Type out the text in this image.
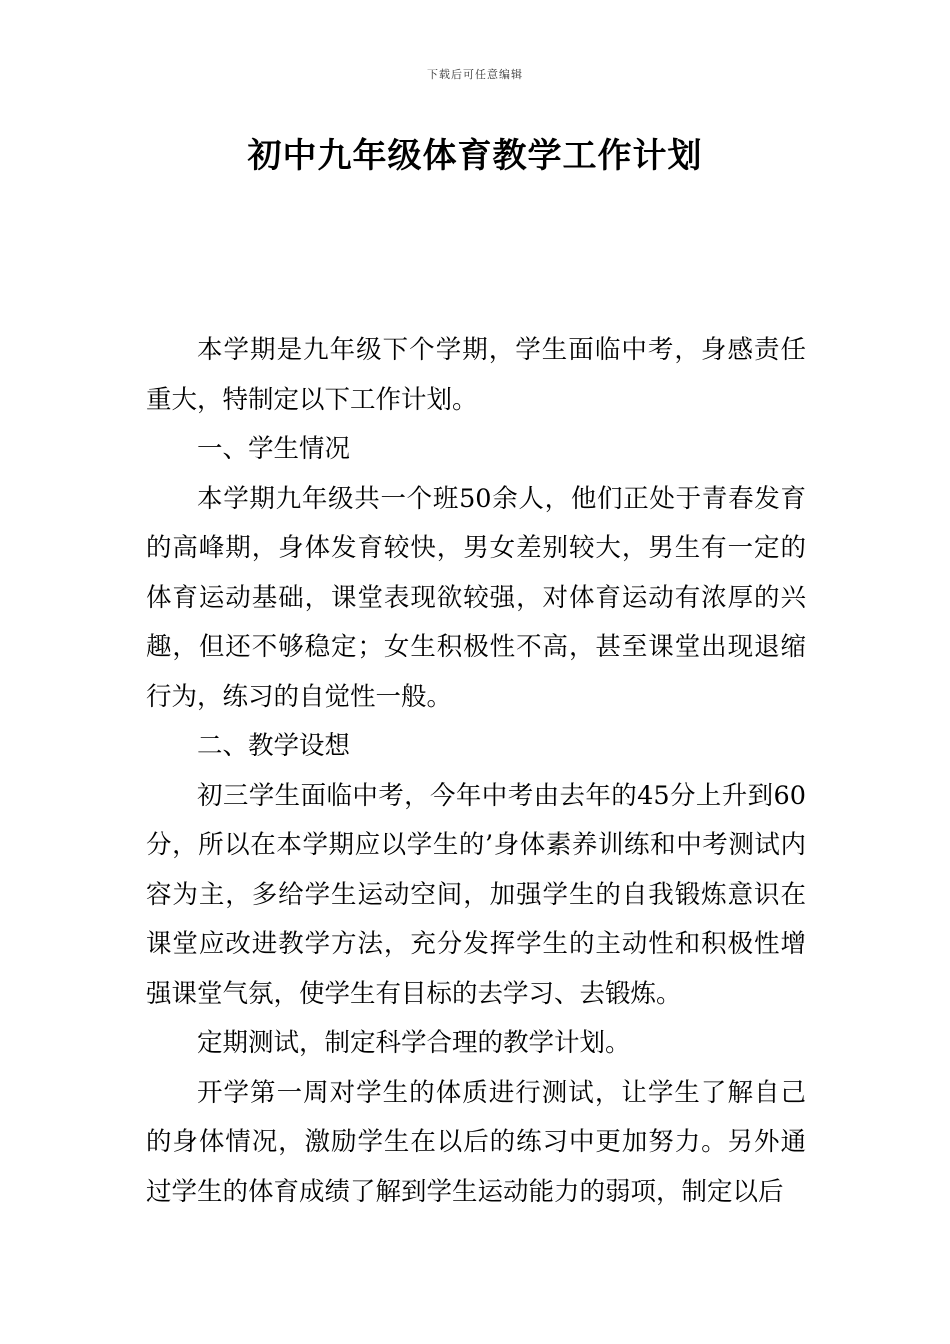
下载后可任意编辑
初中九年级体育教学工作计划

本学期是九年级下个学期，学生面临中考，身感责任重大，特制定以下工作计划。

一、学生情况

本学期九年级共一个班50余人，他们正处于青春发育的高峰期，身体发育较快，男女差别较大，男生有一定的体育运动基础，课堂表现欲较强，对体育运动有浓厚的兴趣，但还不够稳定；女生积极性不高，甚至课堂出现退缩行为，练习的自觉性一般。

二、教学设想

初三学生面临中考，今年中考由去年的45分上升到60分，所以在本学期应以学生的’身体素养训练和中考测试内容为主，多给学生运动空间，加强学生的自我锻炼意识在课堂应改进教学方法，充分发挥学生的主动性和积极性增强课堂气氛，使学生有目标的去学习、去锻炼。

定期测试，制定科学合理的教学计划。

开学第一周对学生的体质进行测试，让学生了解自己的身体情况，激励学生在以后的练习中更加努力。另外通过学生的体育成绩了解到学生运动能力的弱项，制定以后
